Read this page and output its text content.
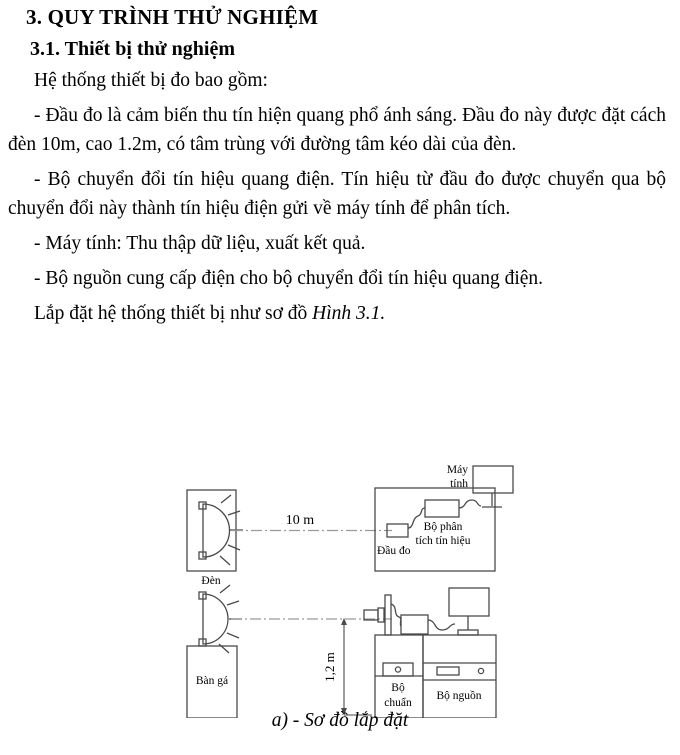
3. QUY TRÌNH THỬ NGHIỆM
3.1. Thiết bị thử nghiệm

Hệ thống thiết bị đo bao gồm:

- Đầu đo là cảm biến thu tín hiện quang phổ ánh sáng. Đầu đo này được đặt cách đèn 10m, cao 1.2m, có tâm trùng với đường tâm kéo dài của đèn.

- Bộ chuyển đổi tín hiệu quang điện. Tín hiệu từ đầu đo được chuyển qua bộ chuyển đổi này thành tín hiệu điện gửi về máy tính để phân tích.

- Máy tính: Thu thập dữ liệu, xuất kết quả.

- Bộ nguồn cung cấp điện cho bộ chuyển đổi tín hiệu quang điện.

Lắp đặt hệ thống thiết bị như sơ đồ Hình 3.1.

Đèn
10 m
Đầu đo
Bộ phân
tích tín hiệu
Máy
tính
Bàn gá	1,2 m
Bộ
chuẩn
Bộ nguồn
a) - Sơ đồ lắp đặt
